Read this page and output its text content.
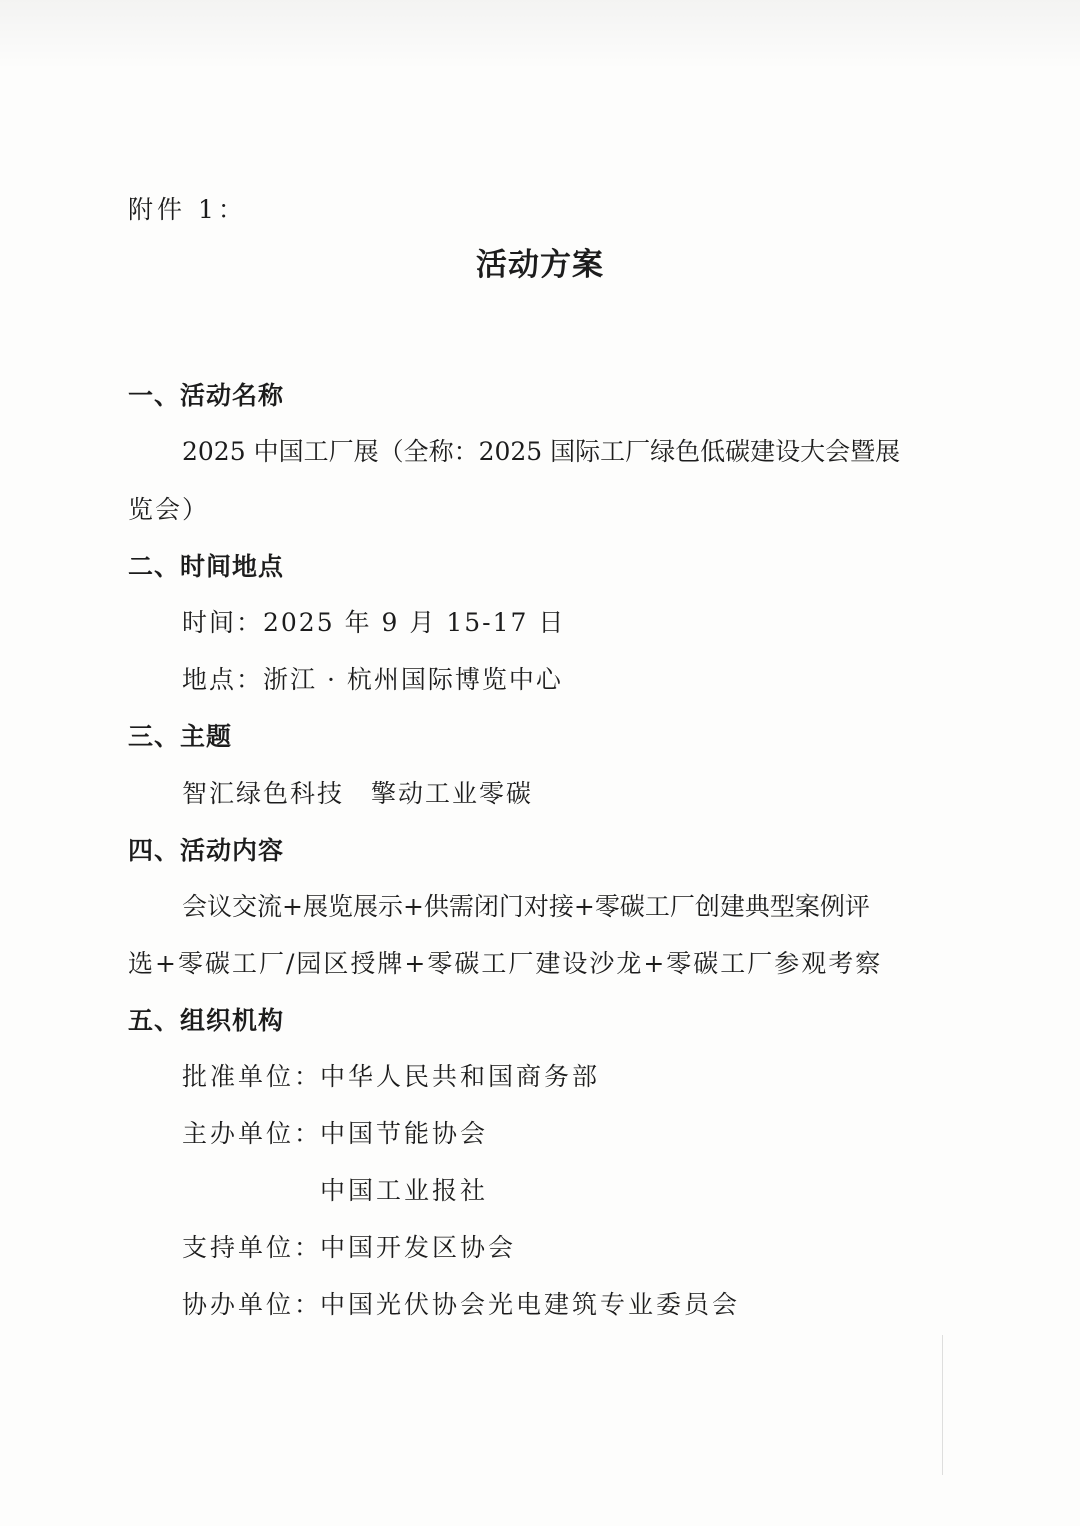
附件 1：
活动方案
一、活动名称
2025 中国工厂展（全称：2025 国际工厂绿色低碳建设大会暨展
览会）
二、时间地点
时间：2025 年 9 月 15-17 日
地点：浙江 · 杭州国际博览中心
三、主题
智汇绿色科技　擎动工业零碳
四、活动内容
会议交流+展览展示+供需闭门对接+零碳工厂创建典型案例评
选+零碳工厂/园区授牌+零碳工厂建设沙龙+零碳工厂参观考察
五、组织机构
批准单位：
中华人民共和国商务部
主办单位：
中国节能协会
中国工业报社
支持单位：
中国开发区协会
协办单位：
中国光伏协会光电建筑专业委员会
